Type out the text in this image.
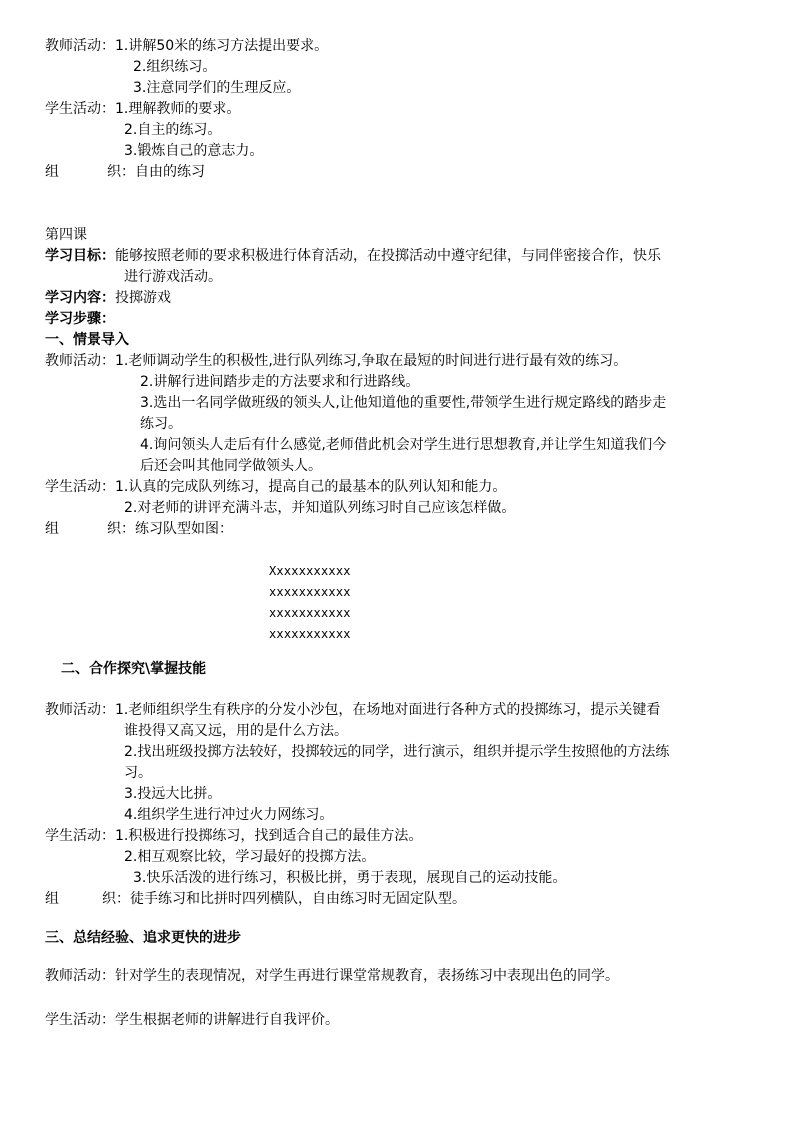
教师活动：1.讲解50米的练习方法提出要求。
2.组织练习。
3.注意同学们的生理反应。
学生活动：1.理解教师的要求。
2.自主的练习。
3.锻炼自己的意志力。
组	织：自由的练习
第四课
学习目标：能够按照老师的要求积极进行体育活动，在投掷活动中遵守纪律，与同伴密接合作，快乐
进行游戏活动。
学习内容：投掷游戏
学习步骤：
一、情景导入
教师活动：1.老师调动学生的积极性,进行队列练习,争取在最短的时间进行进行最有效的练习。
2.讲解行进间踏步走的方法要求和行进路线。
3.选出一名同学做班级的领头人,让他知道他的重要性,带领学生进行规定路线的踏步走
练习。
4.询问领头人走后有什么感觉,老师借此机会对学生进行思想教育,并让学生知道我们今
后还会叫其他同学做领头人。
学生活动：1.认真的完成队列练习，提高自己的最基本的队列认知和能力。
2.对老师的讲评充满斗志，并知道队列练习时自己应该怎样做。
组	织：练习队型如图：
Xxxxxxxxxxx
xxxxxxxxxxx
xxxxxxxxxxx
xxxxxxxxxxx
二、合作探究\掌握技能
教师活动：1.老师组织学生有秩序的分发小沙包，在场地对面进行各种方式的投掷练习，提示关键看
谁投得又高又远，用的是什么方法。
2.找出班级投掷方法较好，投掷较远的同学，进行演示，组织并提示学生按照他的方法练
习。
3.投远大比拼。
4.组织学生进行冲过火力网练习。
学生活动：1.积极进行投掷练习，找到适合自己的最佳方法。
2.相互观察比较，学习最好的投掷方法。
3.快乐活泼的进行练习，积极比拼，勇于表现，展现自己的运动技能。
组	织：徒手练习和比拼时四列横队，自由练习时无固定队型。
三、总结经验、追求更快的进步
教师活动：针对学生的表现情况，对学生再进行课堂常规教育，表扬练习中表现出色的同学。
学生活动：学生根据老师的讲解进行自我评价。
